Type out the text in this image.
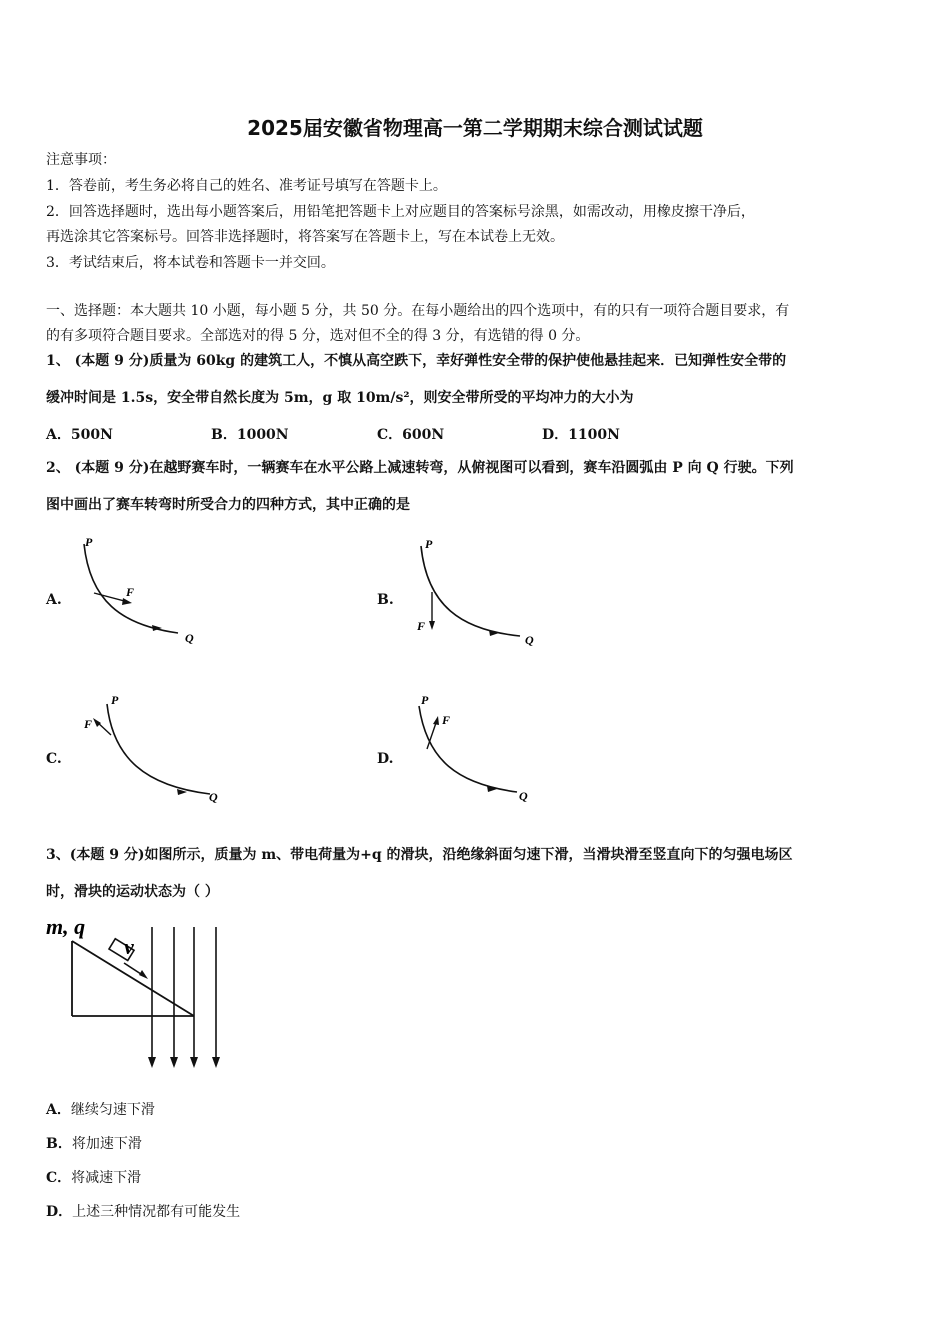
2025届安徽省物理高一第二学期期末综合测试试题
注意事项：
1．答卷前，考生务必将自己的姓名、准考证号填写在答题卡上。
2．回答选择题时，选出每小题答案后，用铅笔把答题卡上对应题目的答案标号涂黑，如需改动，用橡皮擦干净后，
再选涂其它答案标号。回答非选择题时，将答案写在答题卡上，写在本试卷上无效。
3．考试结束后，将本试卷和答题卡一并交回。
一、选择题：本大题共 10 小题，每小题 5 分，共 50 分。在每小题给出的四个选项中，有的只有一项符合题目要求，有
的有多项符合题目要求。全部选对的得 5 分，选对但不全的得 3 分，有选错的得 0 分。
1、 (本题 9 分)质量为 60kg 的建筑工人，不慎从高空跌下，幸好弹性安全带的保护使他悬挂起来．已知弹性安全带的
缓冲时间是 1.5s，安全带自然长度为 5m，g 取 10m/s²，则安全带所受的平均冲力的大小为
A．500N	B．1000N	C．600N	D．1100N
2、 (本题 9 分)在越野赛车时，一辆赛车在水平公路上减速转弯，从俯视图可以看到，赛车沿圆弧由 P 向 Q 行驶。下列
图中画出了赛车转弯时所受合力的四种方式，其中正确的是
A.	B.
C.	D.
P
F
Q
P
F
Q
P
F
Q
P
F
Q
3、(本题 9 分)如图所示，质量为 m、带电荷量为+q 的滑块，沿绝缘斜面匀速下滑，当滑块滑至竖直向下的匀强电场区
时，滑块的运动状态为（ ）
m, q
v
A．继续匀速下滑
B．将加速下滑
C．将减速下滑
D．上述三种情况都有可能发生
